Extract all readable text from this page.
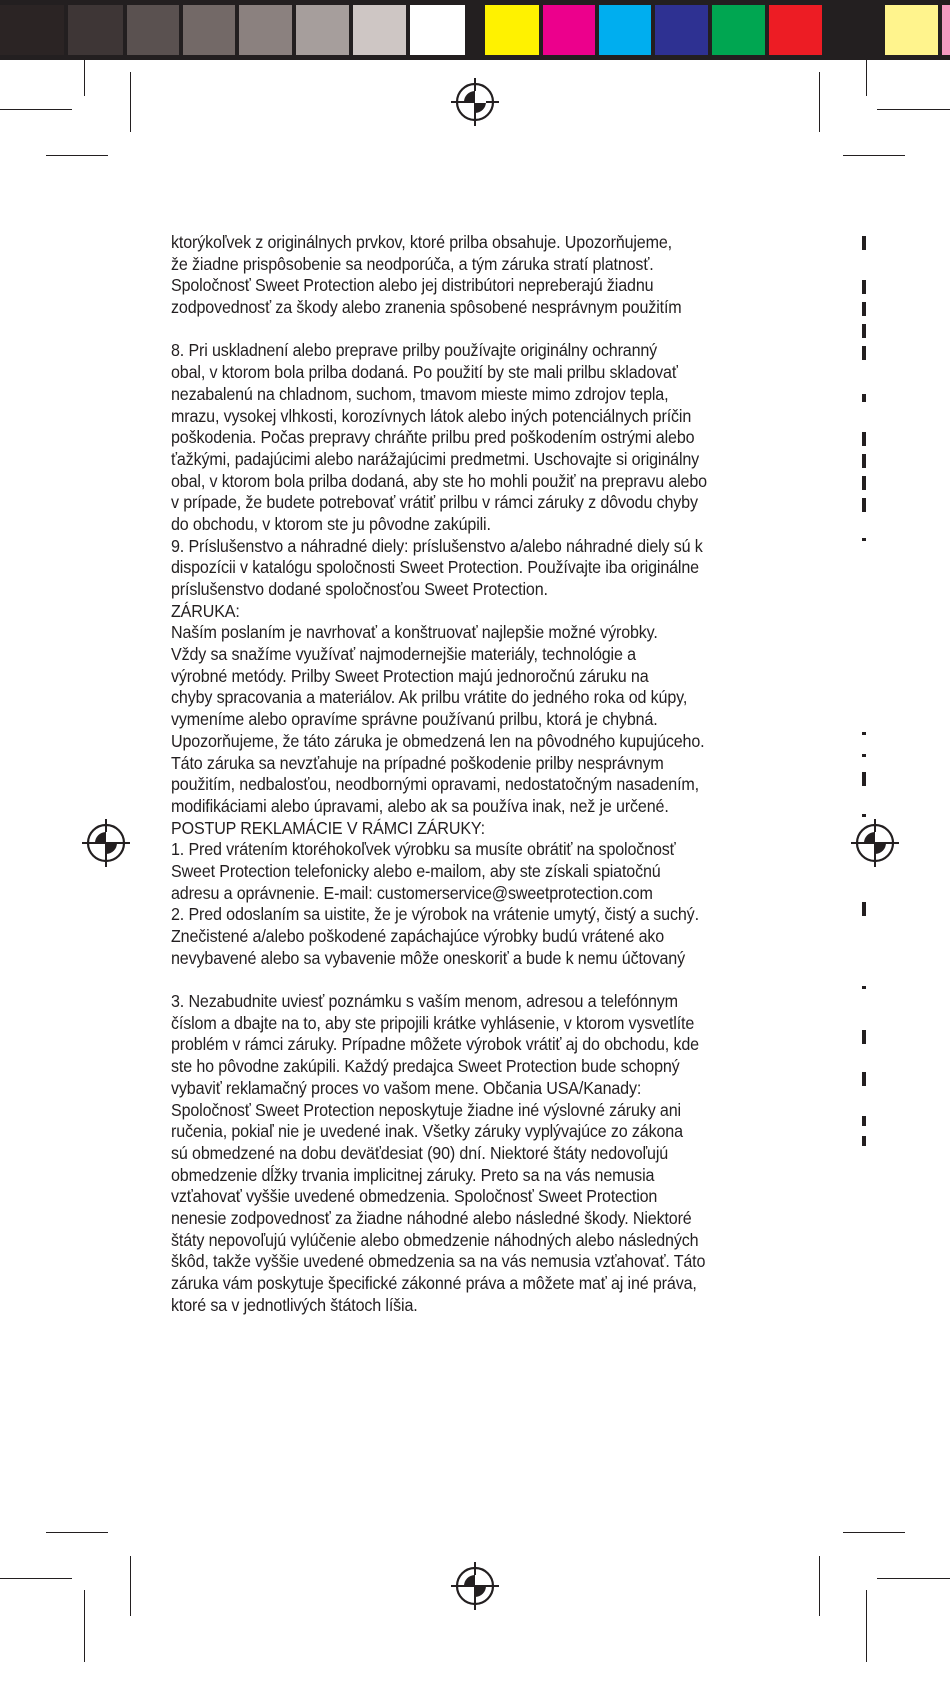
ktorýkoľvek z originálnych prvkov, ktoré prilba obsahuje. Upozorňujeme,
že žiadne prispôsobenie sa neodporúča, a tým záruka stratí platnosť.
Spoločnosť Sweet Protection alebo jej distribútori nepreberajú žiadnu
zodpovednosť za škody alebo zranenia spôsobené nesprávnym použitím
8. Pri uskladnení alebo preprave prilby používajte originálny ochranný
obal, v ktorom bola prilba dodaná. Po použití by ste mali prilbu skladovať
nezabalenú na chladnom, suchom, tmavom mieste mimo zdrojov tepla,
mrazu, vysokej vlhkosti, korozívnych látok alebo iných potenciálnych príčin
poškodenia. Počas prepravy chráňte prilbu pred poškodením ostrými alebo
ťažkými, padajúcimi alebo narážajúcimi predmetmi. Uschovajte si originálny
obal, v ktorom bola prilba dodaná, aby ste ho mohli použiť na prepravu alebo
v prípade, že budete potrebovať vrátiť prilbu v rámci záruky z dôvodu chyby
do obchodu, v ktorom ste ju pôvodne zakúpili.
9. Príslušenstvo a náhradné diely: príslušenstvo a/alebo náhradné diely sú k
dispozícii v katalógu spoločnosti Sweet Protection. Používajte iba originálne
príslušenstvo dodané spoločnosťou Sweet Protection.
ZÁRUKA:
Naším poslaním je navrhovať a konštruovať najlepšie možné výrobky.
Vždy sa snažíme využívať najmodernejšie materiály, technológie a
výrobné metódy. Prilby Sweet Protection majú jednoročnú záruku na
chyby spracovania a materiálov. Ak prilbu vrátite do jedného roka od kúpy,
vymeníme alebo opravíme správne používanú prilbu, ktorá je chybná.
Upozorňujeme, že táto záruka je obmedzená len na pôvodného kupujúceho.
Táto záruka sa nevzťahuje na prípadné poškodenie prilby nesprávnym
použitím, nedbalosťou, neodbornými opravami, nedostatočným nasadením,
modifikáciami alebo úpravami, alebo ak sa používa inak, než je určené.
POSTUP REKLAMÁCIE V RÁMCI ZÁRUKY:
1. Pred vrátením ktoréhokoľvek výrobku sa musíte obrátiť na spoločnosť
Sweet Protection telefonicky alebo e-mailom, aby ste získali spiatočnú
adresu a oprávnenie. E-mail: customerservice@sweetprotection.com
2. Pred odoslaním sa uistite, že je výrobok na vrátenie umytý, čistý a suchý.
Znečistené a/alebo poškodené zapáchajúce výrobky budú vrátené ako
nevybavené alebo sa vybavenie môže oneskoriť a bude k nemu účtovaný
3. Nezabudnite uviesť poznámku s vaším menom, adresou a telefónnym
číslom a dbajte na to, aby ste pripojili krátke vyhlásenie, v ktorom vysvetlíte
problém v rámci záruky. Prípadne môžete výrobok vrátiť aj do obchodu, kde
ste ho pôvodne zakúpili. Každý predajca Sweet Protection bude schopný
vybaviť reklamačný proces vo vašom mene. Občania USA/Kanady:
Spoločnosť Sweet Protection neposkytuje žiadne iné výslovné záruky ani
ručenia, pokiaľ nie je uvedené inak. Všetky záruky vyplývajúce zo zákona
sú obmedzené na dobu deväťdesiat (90) dní. Niektoré štáty nedovoľujú
obmedzenie dĺžky trvania implicitnej záruky. Preto sa na vás nemusia
vzťahovať vyššie uvedené obmedzenia. Spoločnosť Sweet Protection
nenesie zodpovednosť za žiadne náhodné alebo následné škody. Niektoré
štáty nepovoľujú vylúčenie alebo obmedzenie náhodných alebo následných
škôd, takže vyššie uvedené obmedzenia sa na vás nemusia vzťahovať. Táto
záruka vám poskytuje špecifické zákonné práva a môžete mať aj iné práva,
ktoré sa v jednotlivých štátoch líšia.
